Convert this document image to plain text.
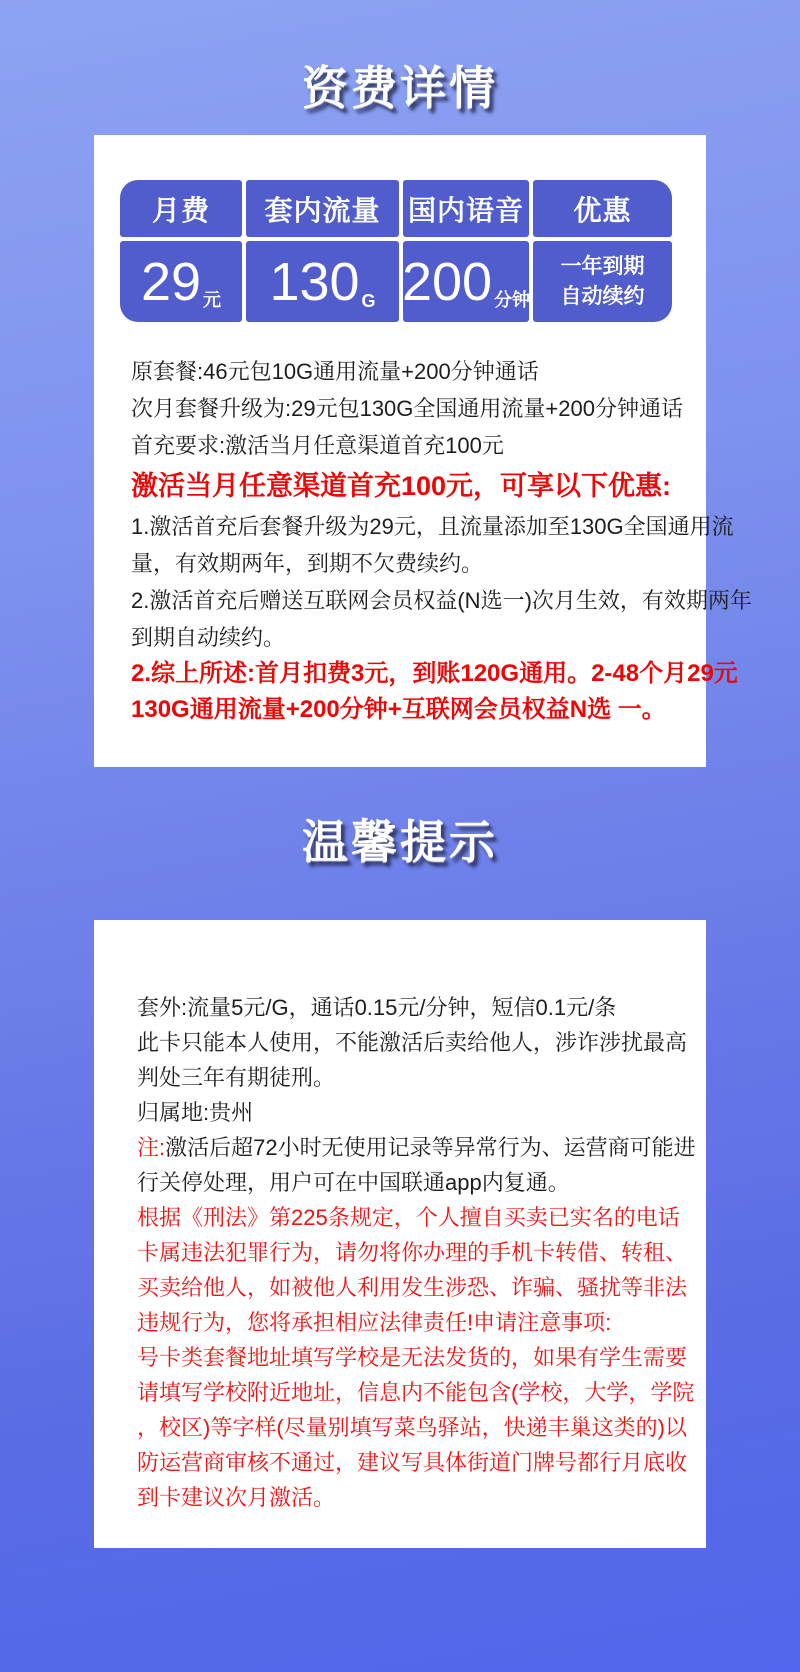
资费详情
月费	套内流量 国内语音	优惠
29 元 130 G 200 分钟
一年到期
自动续约
原套餐:46元包10G通用流量+200分钟通话
次月套餐升级为:29元包130G全国通用流量+200分钟通话
首充要求:激活当月任意渠道首充100元
激活当月任意渠道首充100元，可享以下优惠:
1.激活首充后套餐升级为29元，且流量添加至130G全国通用流
量，有效期两年，到期不欠费续约。
2.激活首充后赠送互联网会员权益(N选一)次月生效，有效期两年
到期自动续约。
2.综上所述:首月扣费3元，到账120G通用。2-48个月29元
130G通用流量+200分钟+互联网会员权益N选 一。
温馨提示
套外:流量5元/G，通话0.15元/分钟，短信0.1元/条
此卡只能本人使用，不能激活后卖给他人，涉诈涉扰最高
判处三年有期徒刑。
归属地:贵州
注:激活后超72小时无使用记录等异常行为、运营商可能进
行关停处理，用户可在中国联通app内复通。
根据《刑法》第225条规定，个人擅自买卖已实名的电话
卡属违法犯罪行为，请勿将你办理的手机卡转借、转租、
买卖给他人，如被他人利用发生涉恐、诈骗、骚扰等非法
违规行为，您将承担相应法律责任!申请注意事项:
号卡类套餐地址填写学校是无法发货的，如果有学生需要
请填写学校附近地址，信息内不能包含(学校，大学，学院
，校区)等字样(尽量别填写菜鸟驿站，快递丰巢这类的)以
防运营商审核不通过，建议写具体街道门牌号都行月底收
到卡建议次月激活。
